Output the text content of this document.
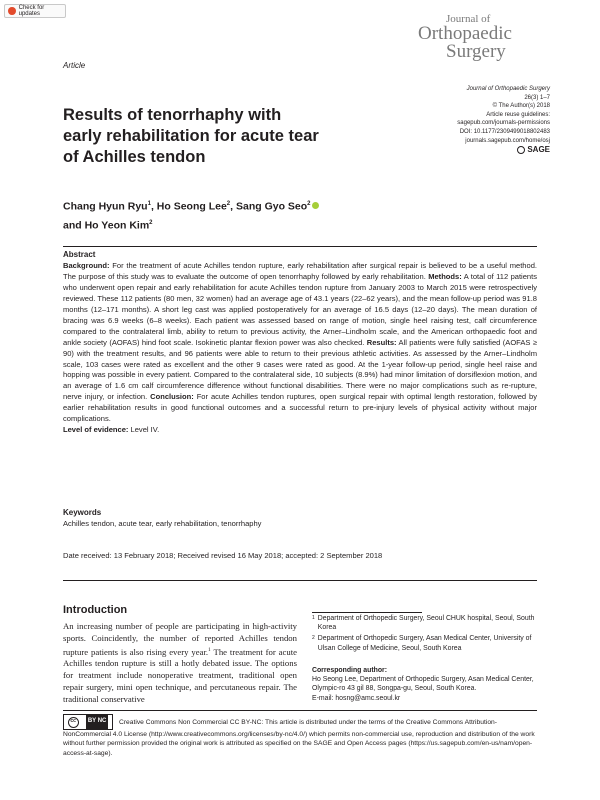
Check for updates	Journal of
Orthopaedic
Surgery
Article
Results of tenorrhaphy with early rehabilitation for acute tear of Achilles tendon
Journal of Orthopaedic Surgery
26(3) 1–7
© The Author(s) 2018
Article reuse guidelines:
sagepub.com/journals-permissions
DOI: 10.1177/2309499018802483
journals.sagepub.com/home/osj
SAGE
Chang Hyun Ryu$^1$, Ho Seong Lee$^2$, Sang Gyo Seo$^2$
and Ho Yeon Kim$^2$
Abstract
Background: For the treatment of acute Achilles tendon rupture, early rehabilitation after surgical repair is believed to be a useful method. The purpose of this study was to evaluate the outcome of open tenorrhaphy followed by early rehabilitation. Methods: A total of 112 patients who underwent open repair and early rehabilitation for acute Achilles tendon rupture from January 2003 to March 2015 were retrospectively reviewed. These 112 patients (80 men, 32 women) had an average age of 43.1 years (22–62 years), and the mean follow-up period was 91.8 months (12–171 months). A short leg cast was applied postoperatively for an average of 16.5 days (12–20 days). The mean duration of bracing was 6.9 weeks (6–8 weeks). Each patient was assessed based on range of motion, single heel raising test, calf circumference compared to the contralateral limb, ability to return to previous activity, the Arner–Lindholm scale, and the American orthopaedic foot and ankle society (AOFAS) hind foot scale. Isokinetic plantar flexion power was also checked. Results: All patients were fully satisfied (AOFAS ≥ 90) with the treatment results, and 96 patients were able to return to their previous athletic activities. As assessed by the Arner–Lindholm scale, 103 cases were rated as excellent and the other 9 cases were rated as good. At the 1-year follow-up period, single heel raise and hopping was possible in every patient. Compared to the contralateral side, 10 subjects (8.9%) had minor limitation of dorsiflexion motion, and an average of 1.6 cm calf circumference difference without functional disabilities. There were no major complications such as re-rupture, nerve injury, or infection. Conclusion: For acute Achilles tendon ruptures, open surgical repair with optimal length restoration, followed by earlier rehabilitation results in good functional outcomes and a successful return to pre-injury levels of physical activity without major complications.
Level of evidence: Level IV.
Keywords
Achilles tendon, acute tear, early rehabilitation, tenorrhaphy
Date received: 13 February 2018; Received revised 16 May 2018; accepted: 2 September 2018
Introduction
An increasing number of people are participating in high-activity sports. Coincidently, the number of reported Achilles tendon rupture patients is also rising every year.$^1$ The treatment for acute Achilles tendon rupture is still a hotly debated issue. The options for treatment include nonoperative treatment, traditional open repair surgery, mini open technique, and percutaneous repair. The traditional conservative
1 Department of Orthopedic Surgery, Seoul CHUK hospital, Seoul, South Korea
2 Department of Orthopedic Surgery, Asan Medical Center, University of Ulsan College of Medicine, Seoul, South Korea
Corresponding author:
Ho Seong Lee, Department of Orthopedic Surgery, Asan Medical Center, Olympic-ro 43 gil 88, Songpa-gu, Seoul, South Korea.
E-mail: hosng@amc.seoul.kr
cc BY NC Creative Commons Non Commercial CC BY-NC: This article is distributed under the terms of the Creative Commons Attribution-NonCommercial 4.0 License (http://www.creativecommons.org/licenses/by-nc/4.0/) which permits non-commercial use, reproduction and distribution of the work without further permission provided the original work is attributed as specified on the SAGE and Open Access pages (https://us.sagepub.com/en-us/nam/open-access-at-sage).
